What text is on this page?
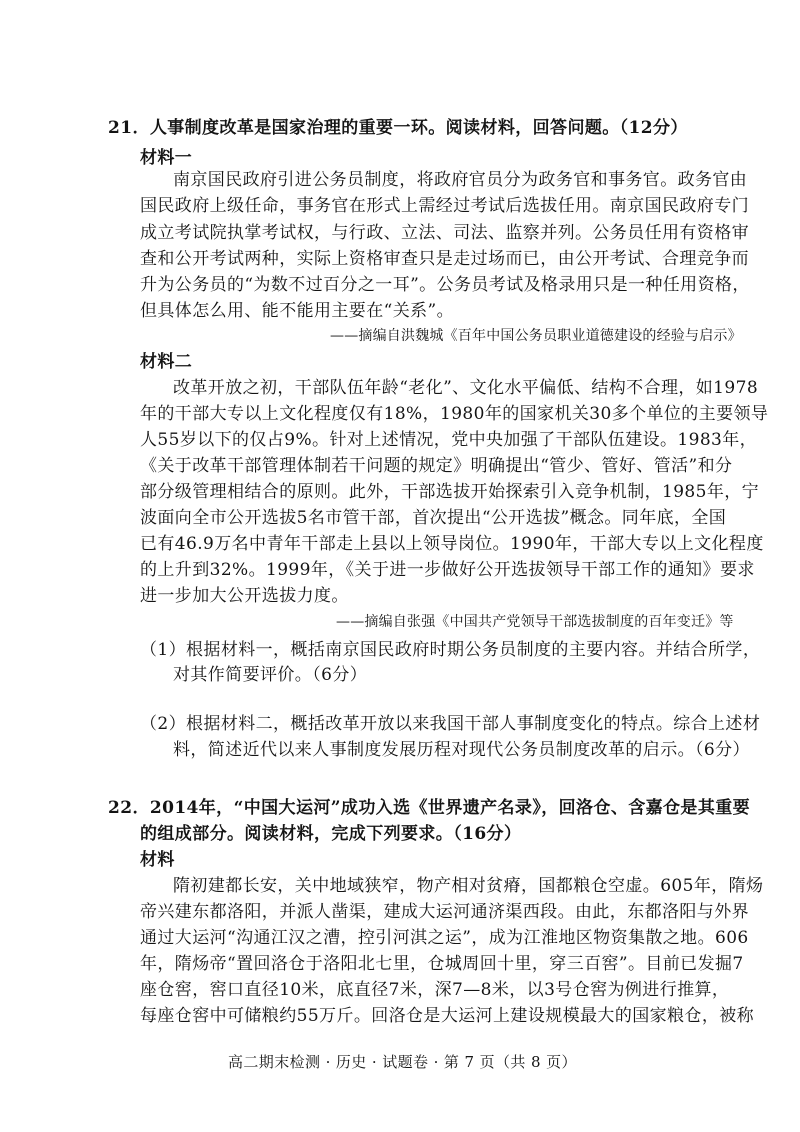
21．人事制度改革是国家治理的重要一环。阅读材料，回答问题。（12分）
材料一
南京国民政府引进公务员制度，将政府官员分为政务官和事务官。政务官由
国民政府上级任命，事务官在形式上需经过考试后选拔任用。南京国民政府专门
成立考试院执掌考试权，与行政、立法、司法、监察并列。公务员任用有资格审
查和公开考试两种，实际上资格审查只是走过场而已，由公开考试、合理竞争而
升为公务员的“为数不过百分之一耳”。公务员考试及格录用只是一种任用资格，
但具体怎么用、能不能用主要在“关系”。
——摘编自洪魏城《百年中国公务员职业道德建设的经验与启示》
材料二
改革开放之初，干部队伍年龄“老化”、文化水平偏低、结构不合理，如1978
年的干部大专以上文化程度仅有18%，1980年的国家机关30多个单位的主要领导
人55岁以下的仅占9%。针对上述情况，党中央加强了干部队伍建设。1983年，
《关于改革干部管理体制若干问题的规定》明确提出“管少、管好、管活”和分
部分级管理相结合的原则。此外，干部选拔开始探索引入竞争机制，1985年，宁
波面向全市公开选拔5名市管干部，首次提出“公开选拔”概念。同年底，全国
已有46.9万名中青年干部走上县以上领导岗位。1990年，干部大专以上文化程度
的上升到32%。1999年，《关于进一步做好公开选拔领导干部工作的通知》要求
进一步加大公开选拔力度。
——摘编自张强《中国共产党领导干部选拔制度的百年变迁》等
（1）根据材料一，概括南京国民政府时期公务员制度的主要内容。并结合所学，
对其作简要评价。（6分）
（2）根据材料二，概括改革开放以来我国干部人事制度变化的特点。综合上述材
料，简述近代以来人事制度发展历程对现代公务员制度改革的启示。（6分）
22．2014年，“中国大运河”成功入选《世界遗产名录》，回洛仓、含嘉仓是其重要
的组成部分。阅读材料，完成下列要求。（16分）
材料
隋初建都长安，关中地域狭窄，物产相对贫瘠，国都粮仓空虚。605年，隋炀
帝兴建东都洛阳，并派人凿渠，建成大运河通济渠西段。由此，东都洛阳与外界
通过大运河“沟通江汉之漕，控引河淇之运”，成为江淮地区物资集散之地。606
年，隋炀帝“置回洛仓于洛阳北七里，仓城周回十里，穿三百窖”。目前已发掘7
座仓窖，窖口直径10米，底直径7米，深7—8米，以3号仓窖为例进行推算，
每座仓窖中可储粮约55万斤。回洛仓是大运河上建设规模最大的国家粮仓，被称
高二期末检测 · 历史 · 试题卷 · 第 7 页（共 8 页）
